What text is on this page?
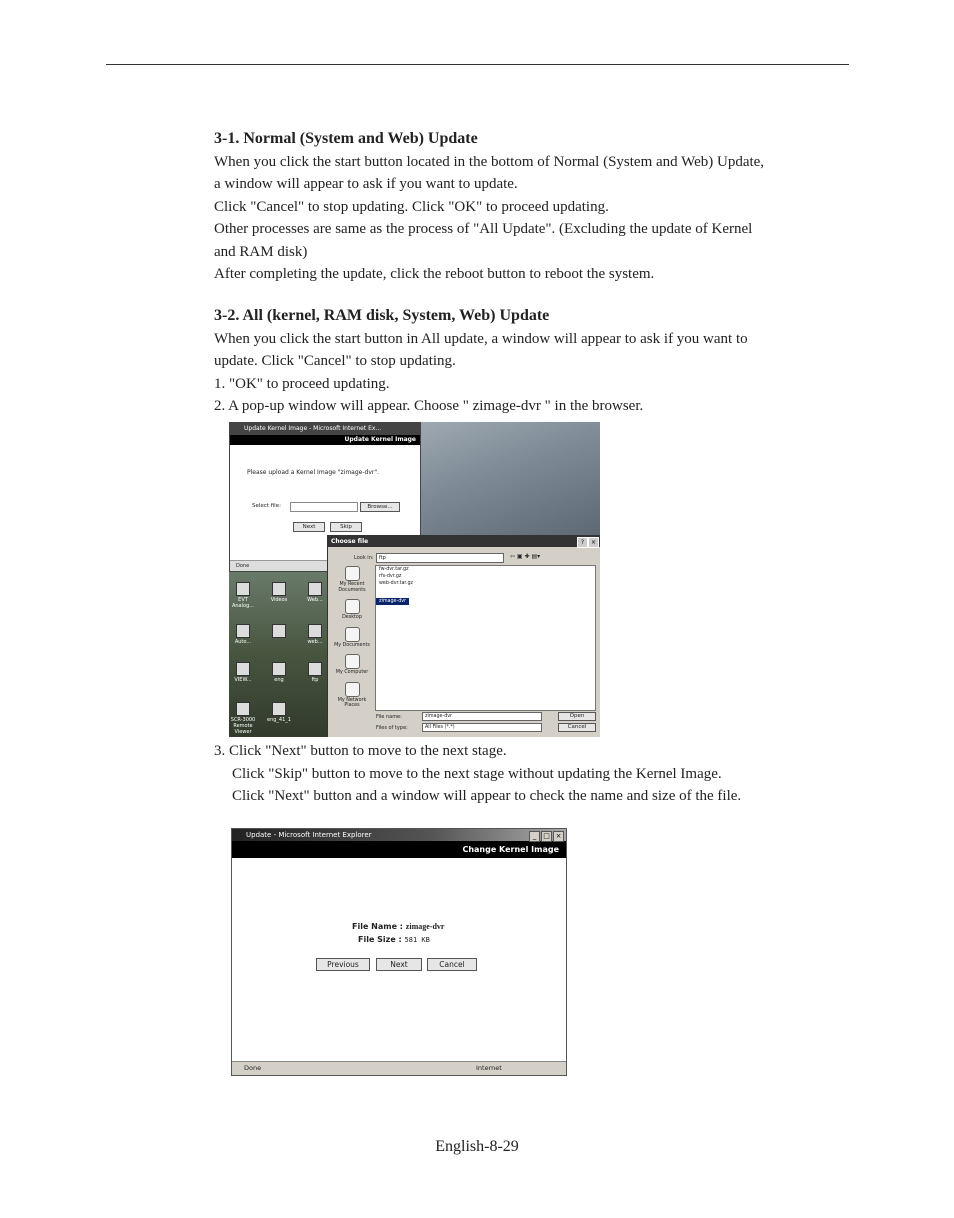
3-1. Normal (System and Web) Update
When you click the start button located in the bottom of Normal (System and Web) Update,
a window will appear to ask if you want to update.
Click "Cancel" to stop updating. Click "OK" to proceed updating.
Other processes are same as the process of "All Update". (Excluding the update of Kernel
and RAM disk)
After completing the update, click the reboot button to reboot the system.
3-2. All (kernel, RAM disk, System, Web) Update
When you click the start button in All update, a window will appear to ask if you want to
update. Click "Cancel" to stop updating.
1. "OK" to proceed updating.
2. A pop-up window will appear. Choose " zimage-dvr " in the browser.
EVT Analog...
Videos	Web...
Auto...	web...
VIEW...	eng	ftp
SCR-3000 Remote Viewer
eng_41_1
Update Kernel Image - Microsoft Internet Ex...
Update Kernel Image
Please upload a Kernel Image "zimage-dvr".
Select file:	Browse...
Next	Skip
Done
Choose file	?	×
Look in:	ftp	⇦ ▣ ✚ ▤▾
My Recent Documents
Desktop
My Documents
My Computer
My Network Places
fw-dvr.tar.gz
rfs-dvr.gz
web-dvr.tar.gz
zimage-dvr
File name:	zimage-dvr
Files of type:	All Files (*.*)
Open
Cancel
3. Click "Next" button to move to the next stage.
Click "Skip" button to move to the next stage without updating the Kernel Image.
Click "Next" button and a window will appear to check the name and size of the file.
Update - Microsoft Internet Explorer	_ □ ×
Change Kernel Image
File Name : zimage-dvr
File Size : 581 KB
Previous	Next	Cancel
Done	Internet
English-8-29
